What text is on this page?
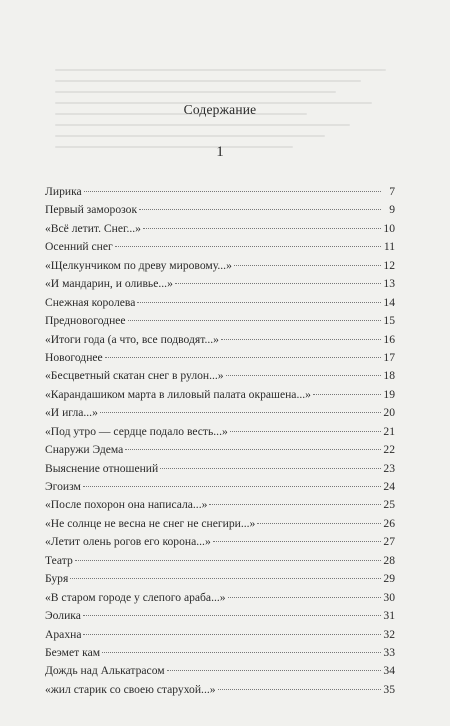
Содержание
1
Лирика	7
Первый заморозок	9
«Всё летит. Снег...»	10
Осенний снег	11
«Щелкунчиком по древу мировому...»	12
«И мандарин, и оливье...»	13
Снежная королева	14
Предновогоднее	15
«Итоги года (а что, все подводят...»	16
Новогоднее	17
«Бесцветный скатан снег в рулон...»	18
«Карандашиком марта в лиловый палата окрашена...»	19
«И игла...»	20
«Под утро — сердце подало весть...»	21
Снаружи Эдема	22
Выяснение отношений	23
Эгоизм	24
«После похорон она написала...»	25
«Не солнце не весна не снег не снегири...»	26
«Летит олень рогов его корона...»	27
Театр	28
Буря	29
«В старом городе у слепого араба...»	30
Эолика	31
Арахна	32
Беэмет кам	33
Дождь над Алькатрасом	34
«жил старик со своею старухой...»	35
